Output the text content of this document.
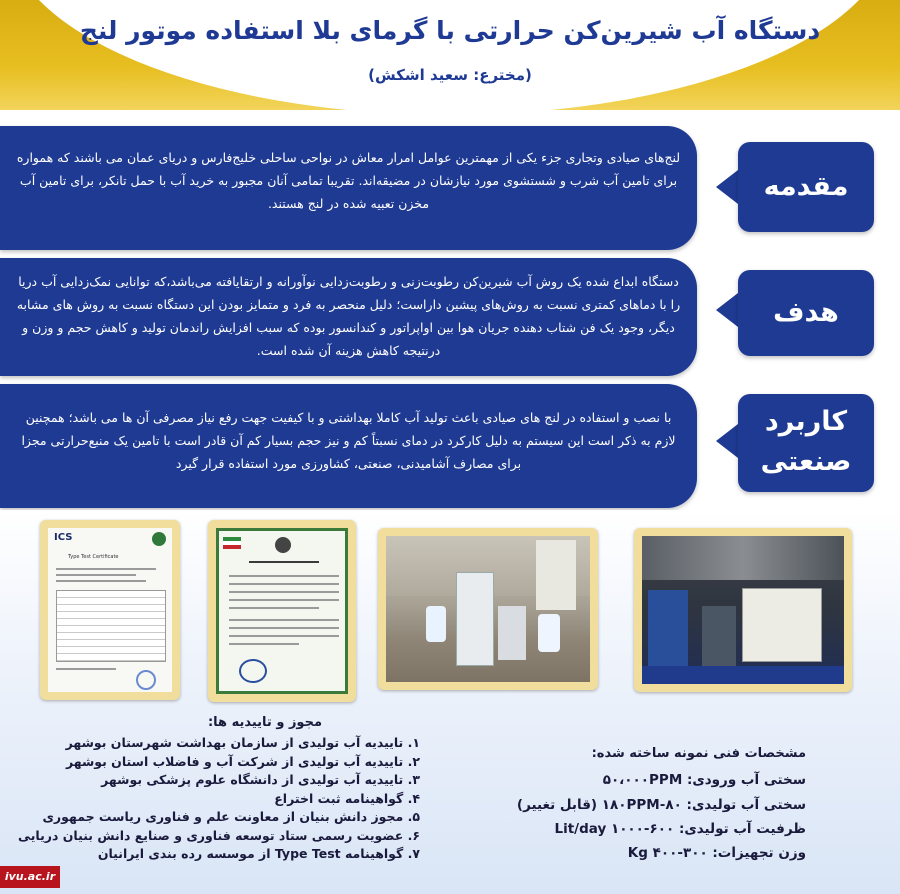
دستگاه آب شیرین‌کن حرارتی با گرمای بلا استفاده موتور لنج
(مخترع: سعید اشکش)
لنج‌های صیادی وتجاری جزء یکی از مهمترین عوامل امرار معاش در نواحی ساحلی خلیج‌فارس و دریای عمان می باشند که همواره برای تامین آب شرب و شستشوی مورد نیازشان در مضیقه‌اند. تقریبا تمامی آنان مجبور به خرید آب با حمل تانکر، برای تامین آب مخزن تعبیه شده در لنج هستند.
مقدمه
دستگاه ابداع شده یک روش آب شیرین‌کن رطوبت‌زنی و رطوبت‌زدایی نوآورانه و ارتقایافته می‌باشد،که توانایی نمک‌زدایی آب دریا را با دماهای کمتری نسبت به روش‌های پیشین داراست؛ دلیل منحصر به فرد و متمایز بودن این دستگاه نسبت به روش های مشابه دیگر، وجود یک فن شتاب دهنده جریان هوا بین اواپراتور و کندانسور بوده که سبب افزایش راندمان تولید و کاهش حجم و وزن و درنتیجه کاهش هزینه آن شده است.
هدف
با نصب و استفاده در لنج های صیادی باعث تولید آب کاملا بهداشتی و با کیفیت جهت رفع نیاز مصرفی آن ها می باشد؛ همچنین لازم به ذکر است این سیستم به دلیل کارکرد در دمای نسبتاً کم و نیز حجم بسیار کم آن قادر است با تامین یک منبع‌حرارتی مجزا برای مصارف آشامیدنی، صنعتی، کشاورزی مورد استفاده قرار گیرد
کاربرد
صنعتی
ICS
Type Test Certificate
مجوز و تاییدیه ها:
۱. تاییدیه آب تولیدی از سازمان بهداشت شهرستان بوشهر
۲. تاییدیه آب تولیدی از شرکت آب و فاضلاب استان بوشهر
۳. تاییدیه آب تولیدی از دانشگاه علوم پزشکی بوشهر
۴. گواهینامه ثبت اختراع
۵. مجوز دانش بنیان از معاونت علم و فناوری ریاست جمهوری
۶. عضویت رسمی ستاد توسعه فناوری و صنایع دانش بنیان دریایی
۷. گواهینامه Type Test از موسسه رده بندی ایرانیان
مشخصات فنی نمونه ساخته شده:
سختی آب ورودی: ۵۰،۰۰۰PPM
سختی آب تولیدی: ۸۰-۱۸۰PPM (قابل تغییر)
ظرفیت آب تولیدی: ۶۰۰-۱۰۰۰ Lit/day
وزن تجهیزات: ۳۰۰-۴۰۰ Kg
ivu.ac.ir
